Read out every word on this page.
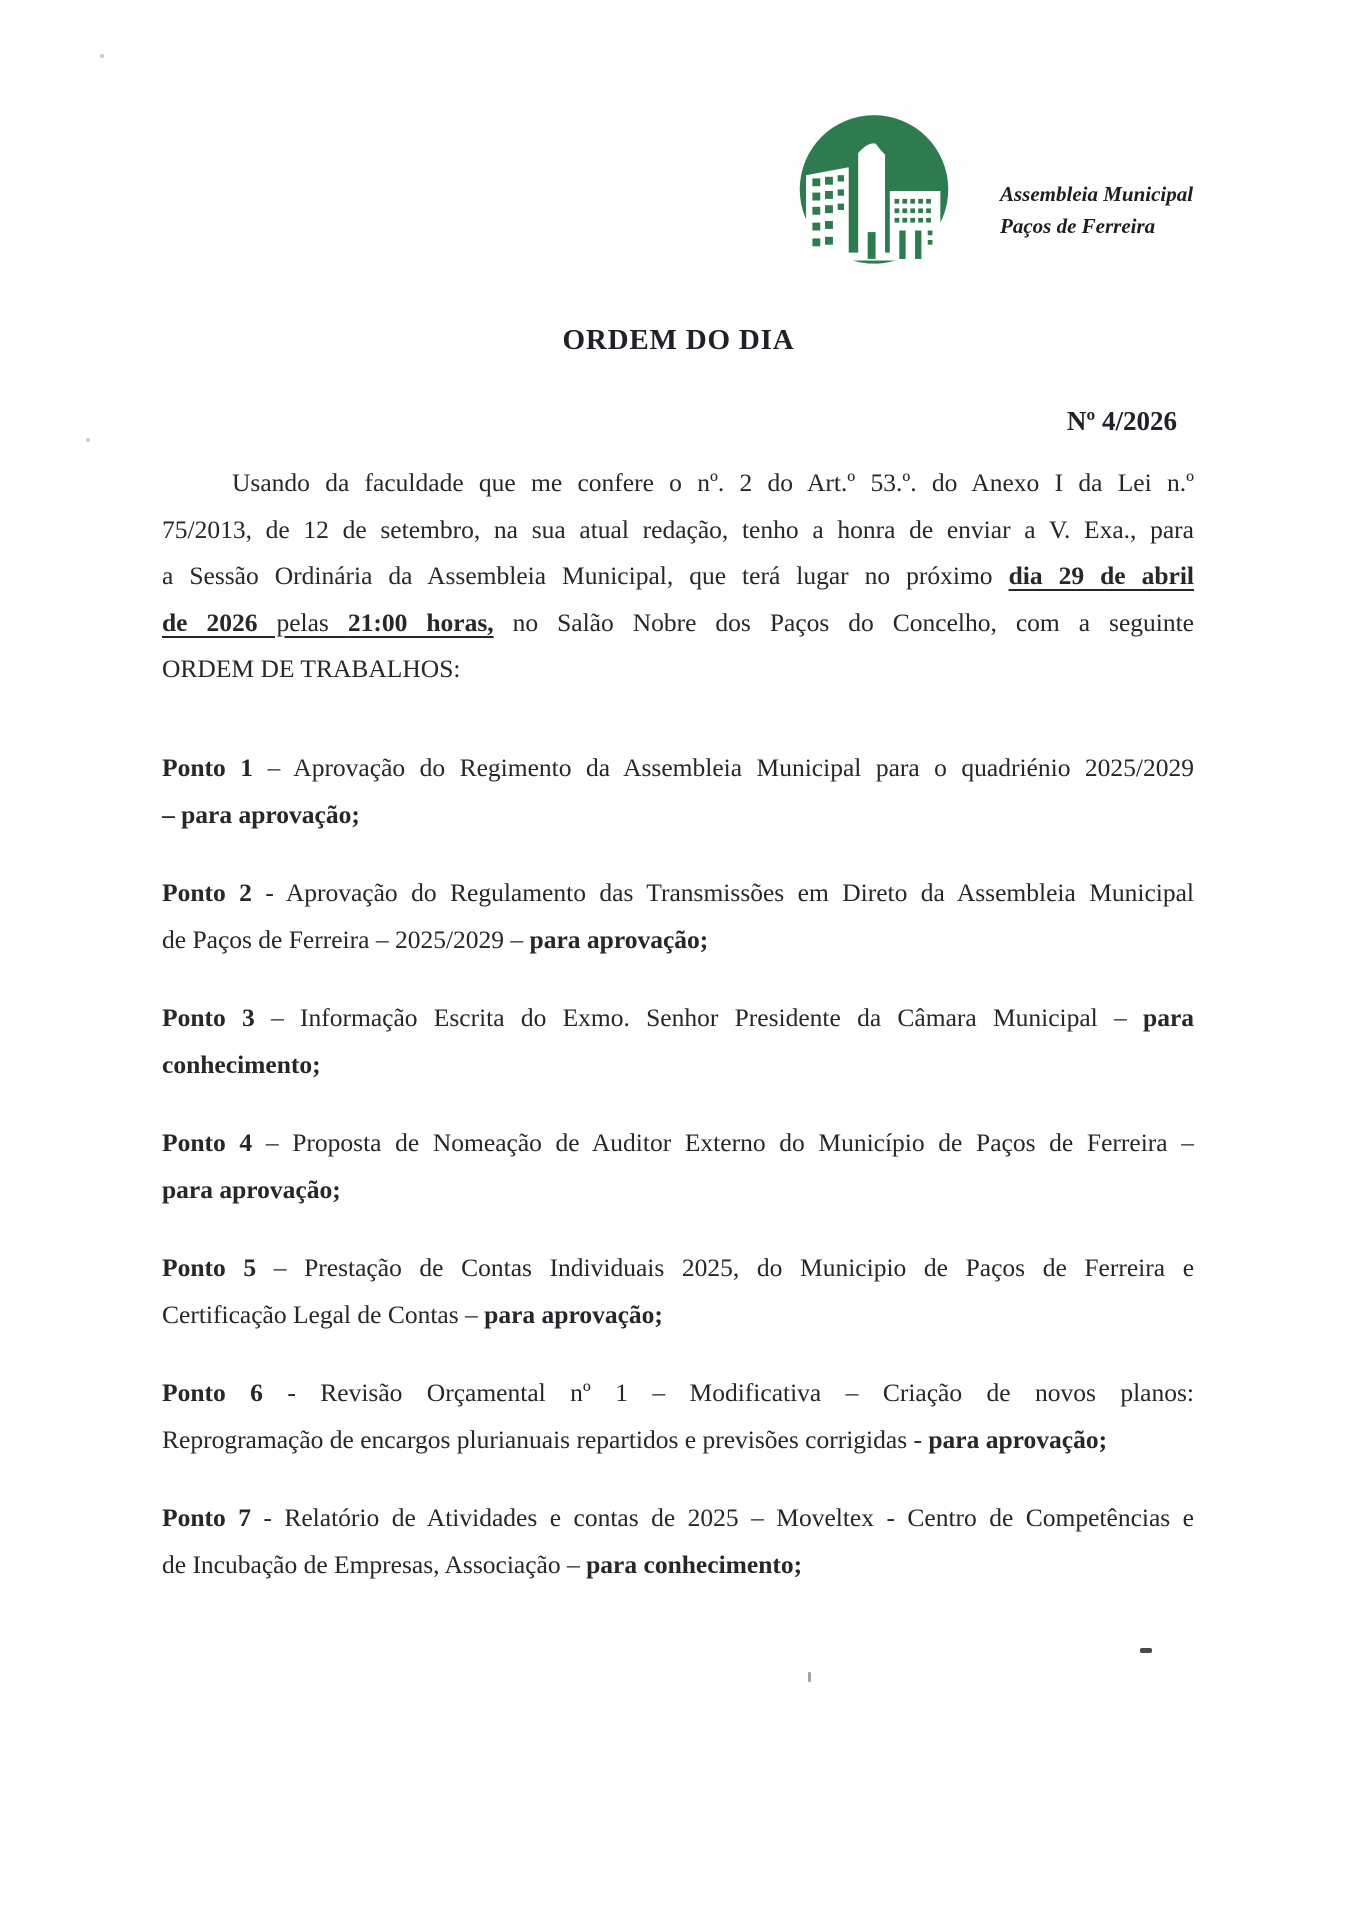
Assembleia Municipal
Paços de Ferreira
ORDEM DO DIA
Nº 4/2026

Usando da faculdade que me confere o nº. 2 do Art.º 53.º. do Anexo I da Lei n.º

75/2013, de 12 de setembro, na sua atual redação, tenho a honra de enviar a V. Exa., para

a Sessão Ordinária da Assembleia Municipal, que terá lugar no próximo dia 29 de abril

de 2026 pelas 21:00 horas, no Salão Nobre dos Paços do Concelho, com a seguinte

ORDEM DE TRABALHOS:

Ponto 1 – Aprovação do Regimento da Assembleia Municipal para o quadriénio 2025/2029

– para aprovação;

Ponto 2 - Aprovação do Regulamento das Transmissões em Direto da Assembleia Municipal

de Paços de Ferreira – 2025/2029 – para aprovação;

Ponto 3 – Informação Escrita do Exmo. Senhor Presidente da Câmara Municipal – para

conhecimento;

Ponto 4 – Proposta de Nomeação de Auditor Externo do Município de Paços de Ferreira –

para aprovação;

Ponto 5 – Prestação de Contas Individuais 2025, do Municipio de Paços de Ferreira e

Certificação Legal de Contas – para aprovação;

Ponto 6 - Revisão Orçamental nº 1 – Modificativa – Criação de novos planos:

Reprogramação de encargos plurianuais repartidos e previsões corrigidas - para aprovação;

Ponto 7 - Relatório de Atividades e contas de 2025 – Moveltex - Centro de Competências e

de Incubação de Empresas, Associação – para conhecimento;
